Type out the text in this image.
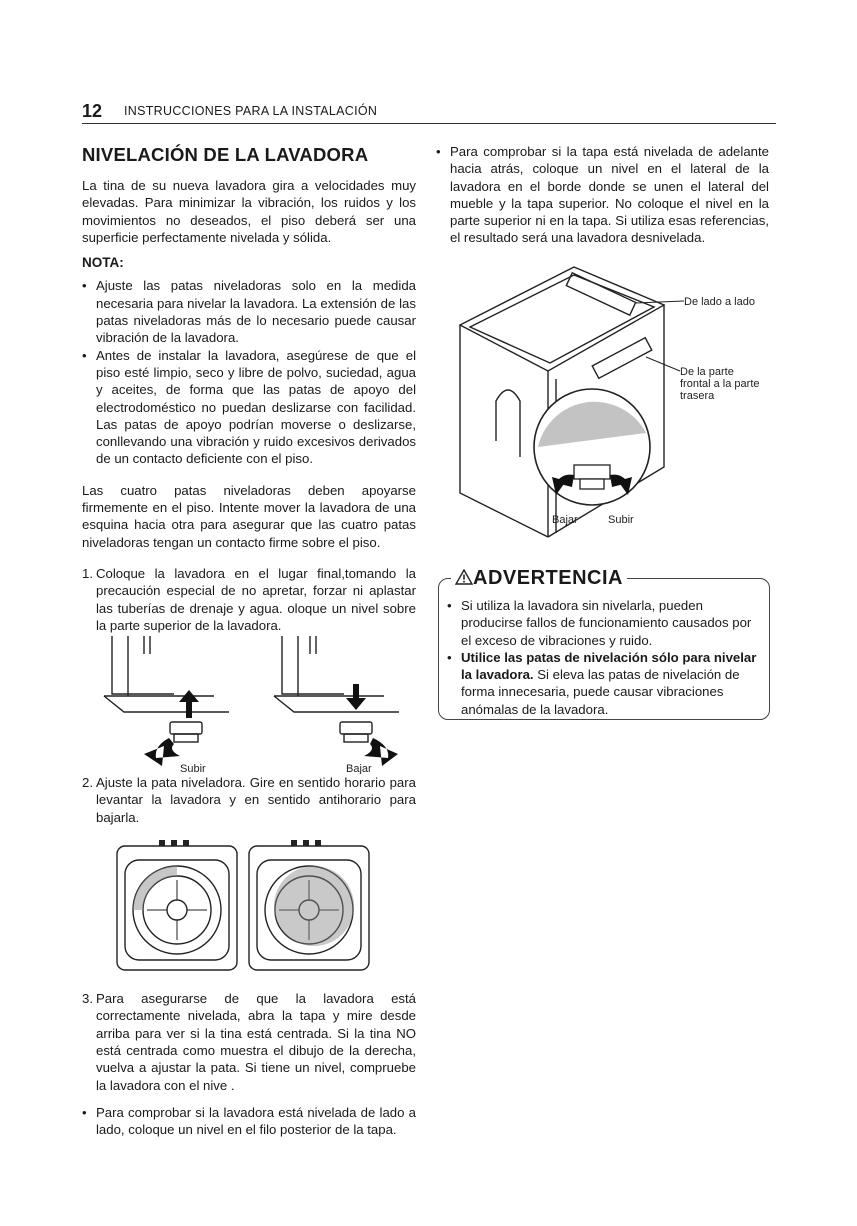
12 INSTRUCCIONES PARA LA INSTALACIÓN
NIVELACIÓN DE LA LAVADORA

La tina de su nueva lavadora gira a velocidades muy elevadas. Para minimizar la vibración, los ruidos y los movimientos no deseados, el piso deberá ser una superficie perfectamente nivelada y sólida.

NOTA:
• Ajuste las patas niveladoras solo en la medida necesaria para nivelar la lavadora. La extensión de las patas niveladoras más de lo necesario puede causar vibración de la lavadora.
• Antes de instalar la lavadora, asegúrese de que el piso esté limpio, seco y libre de polvo, suciedad, agua y aceites, de forma que las patas de apoyo del electrodoméstico no puedan deslizarse con facilidad. Las patas de apoyo podrían moverse o deslizarse, conllevando una vibración y ruido excesivos derivados de un contacto deficiente con el piso.

Las cuatro patas niveladoras deben apoyarse firmemente en el piso. Intente mover la lavadora de una esquina hacia otra para asegurar que las cuatro patas niveladoras tengan un contacto firme sobre el piso.

1. Coloque la lavadora en el lugar final,tomando la precaución especial de no apretar, forzar ni aplastar las tuberías de drenaje y agua. oloque un nivel sobre la parte superior de la lavadora.
Subir	Bajar
2. Ajuste la pata niveladora. Gire en sentido horario para levantar la lavadora y en sentido antihorario para bajarla.
3. Para asegurarse de que la lavadora está correctamente nivelada, abra la tapa y mire desde arriba para ver si la tina está centrada. Si la tina NO está centrada como muestra el dibujo de la derecha, vuelva a ajustar la pata. Si tiene un nivel, compruebe la lavadora con el nive .
• Para comprobar si la lavadora está nivelada de lado a lado, coloque un nivel en el filo posterior de la tapa.
• Para comprobar si la tapa está nivelada de adelante hacia atrás, coloque un nivel en el lateral de la lavadora en el borde donde se unen el lateral del mueble y la tapa superior. No coloque el nivel en la parte superior ni en la tapa. Si utiliza esas referencias, el resultado será una lavadora desnivelada.
De lado a lado
De la parte
frontal a la parte
trasera
Bajar	Subir
ADVERTENCIA
• Si utiliza la lavadora sin nivelarla, pueden producirse fallos de funcionamiento causados por el exceso de vibraciones y ruido.
• Utilice las patas de nivelación sólo para nivelar la lavadora. Si eleva las patas de nivelación de forma innecesaria, puede causar vibraciones anómalas de la lavadora.
